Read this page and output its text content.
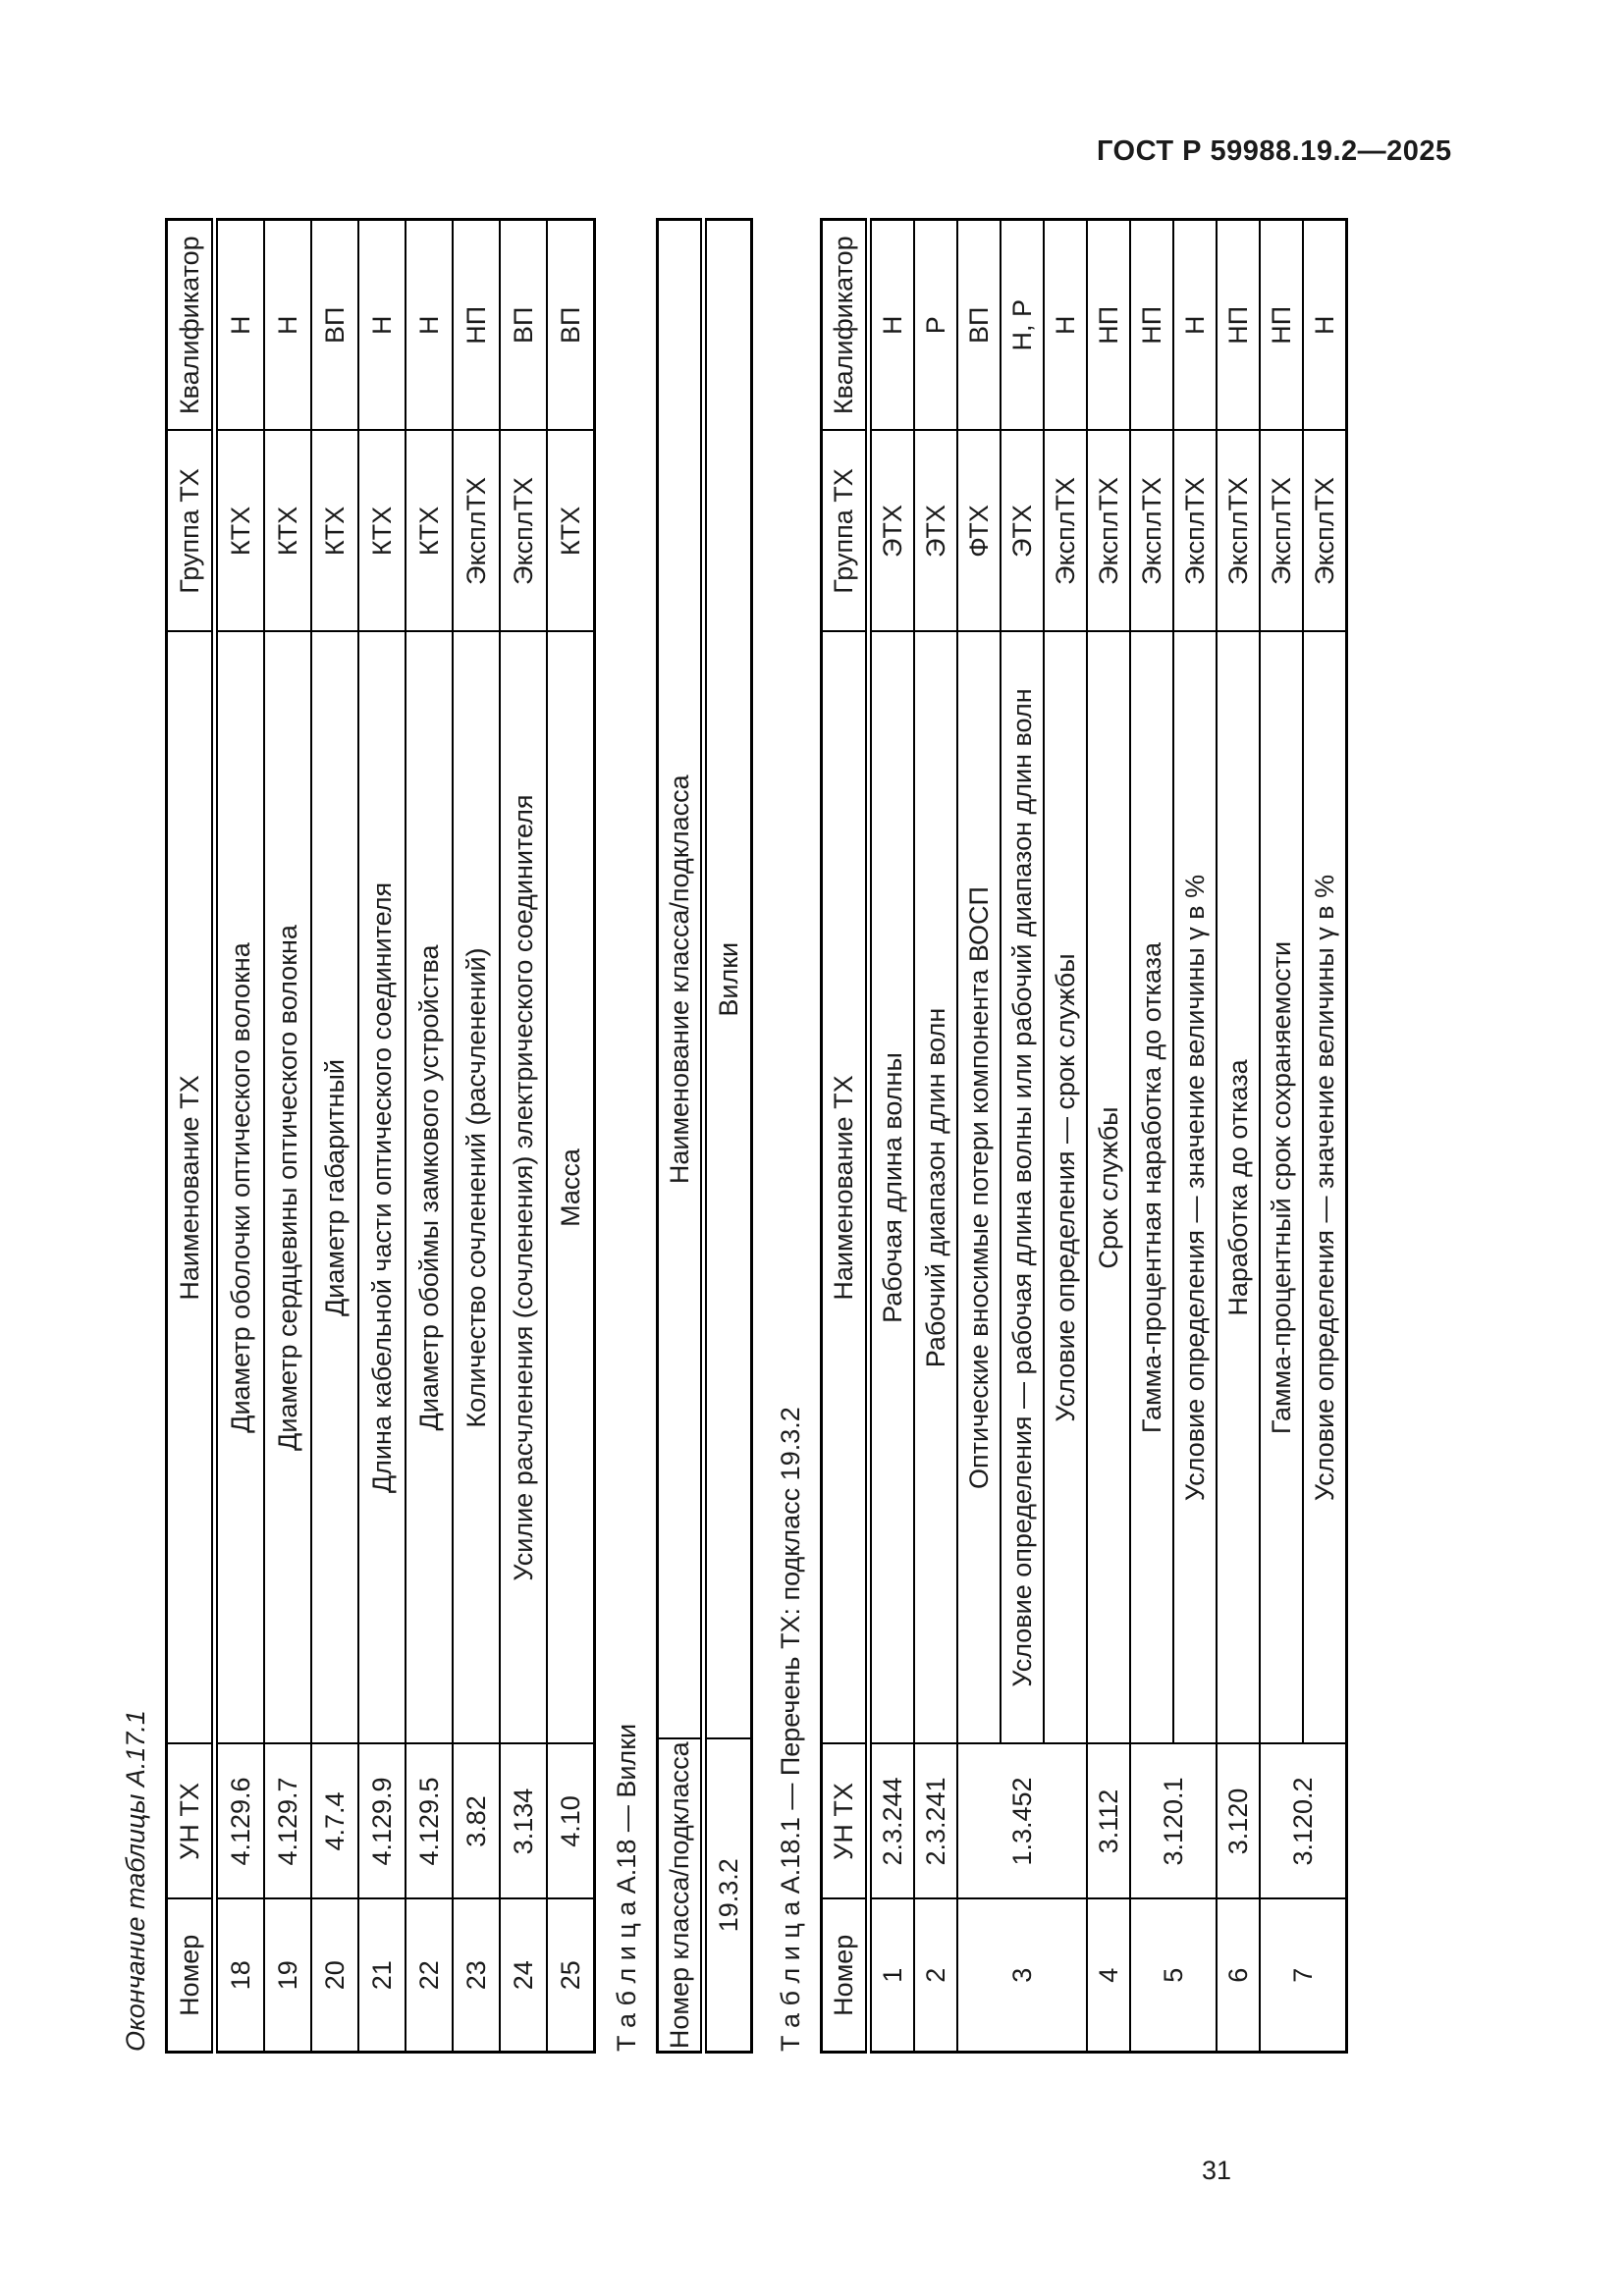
ГОСТ Р 59988.19.2—2025
Окончание таблицы А.17.1 Номер	УН ТХ	Наименование ТХ	Группа ТХ	Квалификатор
18	4.129.6	Диаметр оболочки оптического волокна	КТХ	Н
19	4.129.7	Диаметр сердцевины оптического волокна	КТХ	Н
20	4.7.4	Диаметр габаритный	КТХ	ВП
21	4.129.9	Длина кабельной части оптического соединителя	КТХ	Н
22	4.129.5	Диаметр обоймы замкового устройства	КТХ	Н
23	3.82	Количество сочленений (расчленений)	ЭксплТХ	НП
24	3.134	Усилие расчленения (сочленения) электрического соединителя	ЭксплТХ	ВП
25	4.10	Масса	КТХ	ВП
Т а б л и ц а А.18 — Вилки Номер класса/подкласса	Наименование класса/подкласса
19.3.2	Вилки
Т а б л и ц а А.18.1 — Перечень ТХ: подкласс 19.3.2 Номер	УН ТХ	Наименование ТХ	Группа ТХ	Квалификатор
1	2.3.244	Рабочая длина волны	ЭТХ	Н
2	2.3.241	Рабочий диапазон длин волн	ЭТХ	Р
3	1.3.452	Оптические вносимые потери компонента ВОСП	ФТХ	ВП
		Условие определения — рабочая длина волны или рабочий диапазон длин волн	ЭТХ	Н, Р
		Условие определения — срок службы	ЭксплТХ	Н
4	3.112	Срок службы	ЭксплТХ	НП
5	3.120.1	Гамма-процентная наработка до отказа	ЭксплТХ	НП
		Условие определения — значение величины γ в %	ЭксплТХ	Н
6	3.120	Наработка до отказа	ЭксплТХ	НП
7	3.120.2	Гамма-процентный срок сохраняемости	ЭксплТХ	НП
		Условие определения — значение величины γ в %	ЭксплТХ	Н
31
